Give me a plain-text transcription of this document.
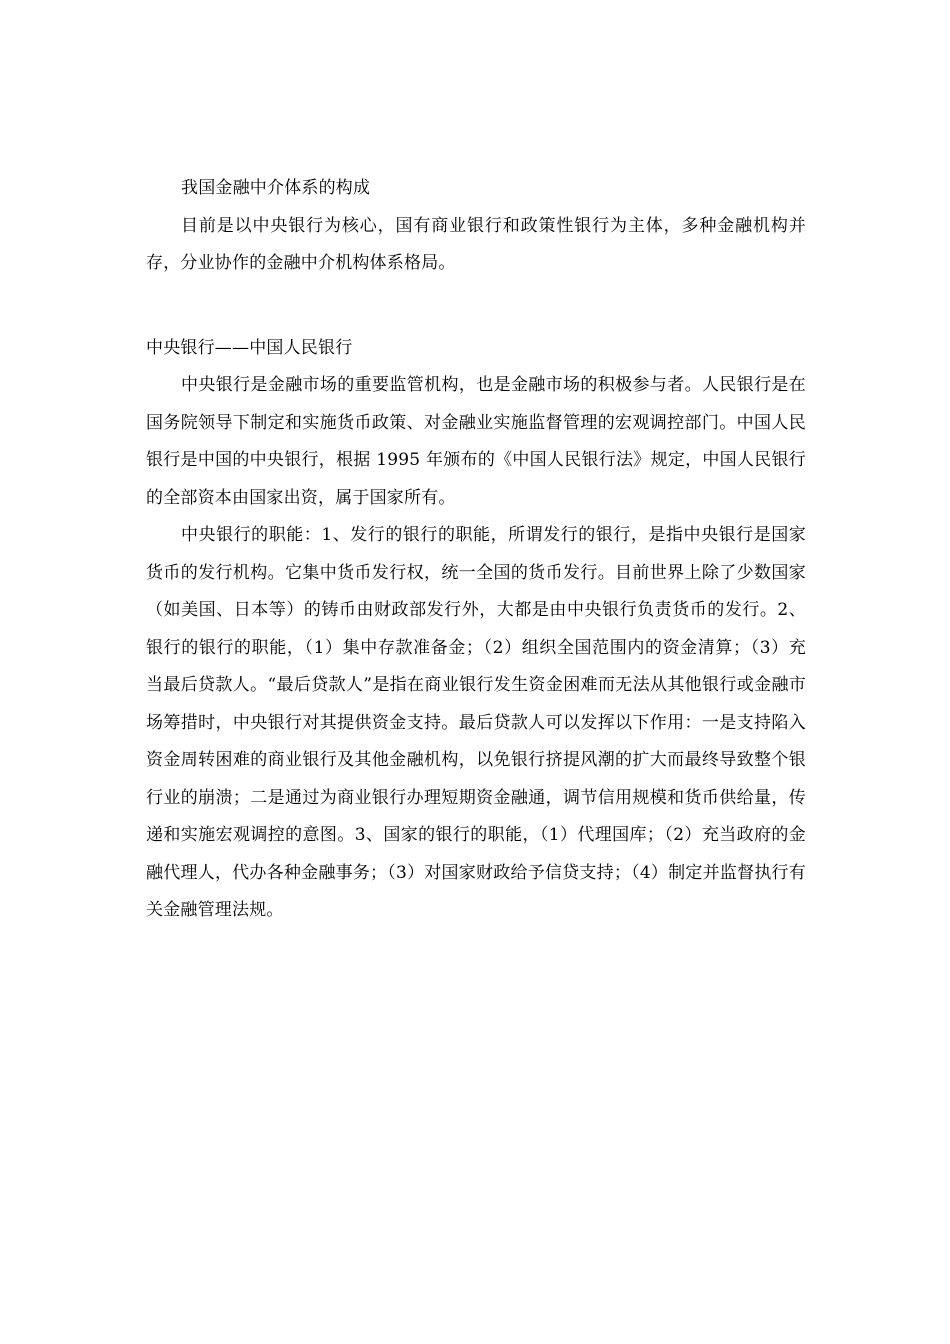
我国金融中介体系的构成

目前是以中央银行为核心，国有商业银行和政策性银行为主体，多种金融机构并存，分业协作的金融中介机构体系格局。

中央银行——中国人民银行

中央银行是金融市场的重要监管机构，也是金融市场的积极参与者。人民银行是在国务院领导下制定和实施货币政策、对金融业实施监督管理的宏观调控部门。中国人民银行是中国的中央银行，根据 1995 年颁布的《中国人民银行法》规定，中国人民银行的全部资本由国家出资，属于国家所有。

中央银行的职能：1、发行的银行的职能，所谓发行的银行，是指中央银行是国家货币的发行机构。它集中货币发行权，统一全国的货币发行。目前世界上除了少数国家（如美国、日本等）的铸币由财政部发行外，大都是由中央银行负责货币的发行。2、银行的银行的职能，（1）集中存款准备金；（2）组织全国范围内的资金清算；（3）充当最后贷款人。“最后贷款人”是指在商业银行发生资金困难而无法从其他银行或金融市场筹措时，中央银行对其提供资金支持。最后贷款人可以发挥以下作用：一是支持陷入资金周转困难的商业银行及其他金融机构，以免银行挤提风潮的扩大而最终导致整个银行业的崩溃；二是通过为商业银行办理短期资金融通，调节信用规模和货币供给量，传递和实施宏观调控的意图。3、国家的银行的职能，（1）代理国库；（2）充当政府的金融代理人，代办各种金融事务；（3）对国家财政给予信贷支持；（4）制定并监督执行有关金融管理法规。
